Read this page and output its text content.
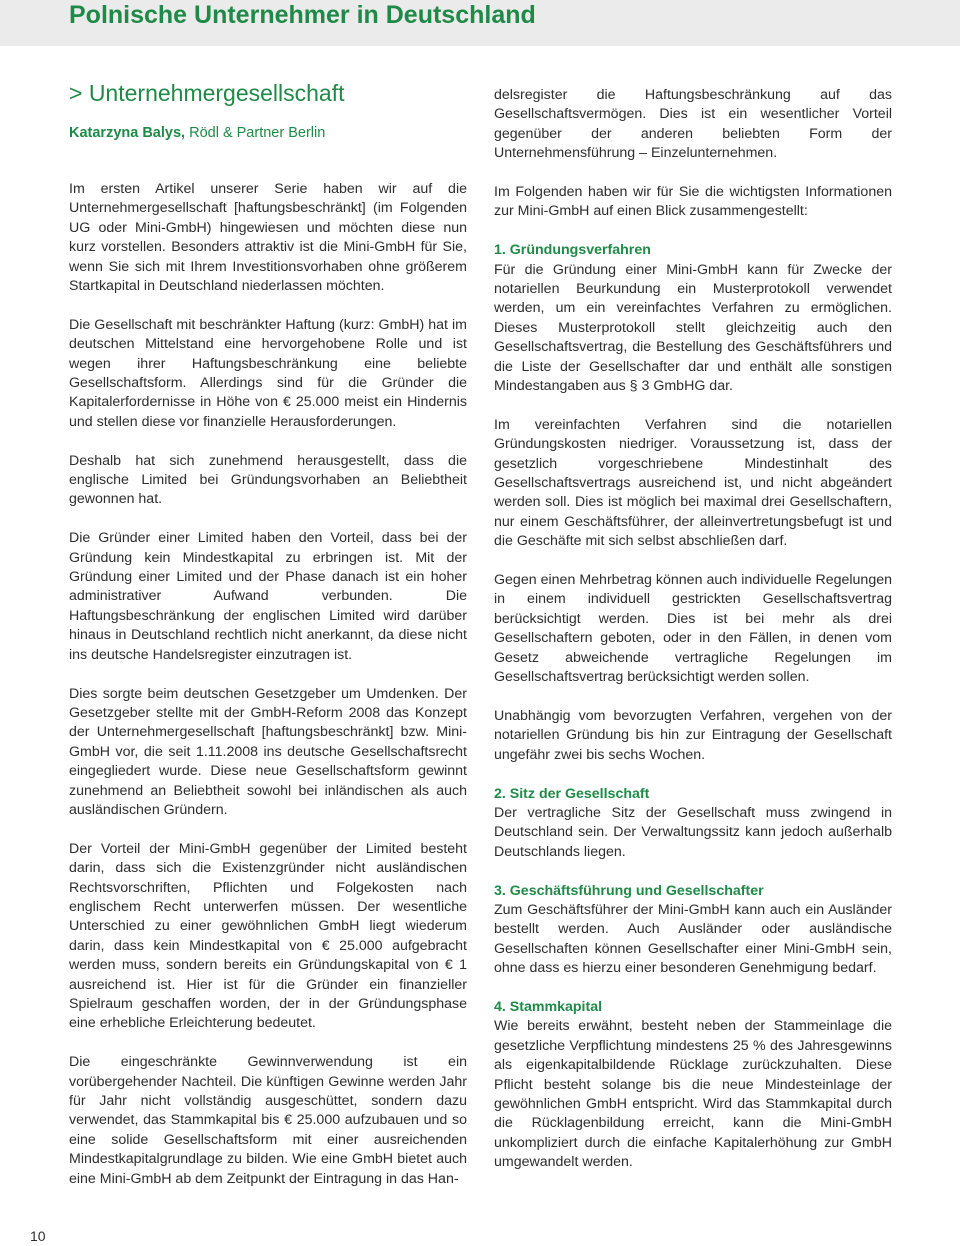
Polnische Unternehmer in Deutschland
> Unternehmergesellschaft

Katarzyna Balys, Rödl & Partner Berlin

Im ersten Artikel unserer Serie haben wir auf die Unternehmergesellschaft [haftungsbeschränkt] (im Folgenden UG oder Mini-GmbH) hingewiesen und möchten diese nun kurz vorstellen. Besonders attraktiv ist die Mini-GmbH für Sie, wenn Sie sich mit Ihrem Investitionsvorhaben ohne größerem Startkapital in Deutschland niederlassen möchten.

Die Gesellschaft mit beschränkter Haftung (kurz: GmbH) hat im deutschen Mittelstand eine hervorgehobene Rolle und ist wegen ihrer Haftungsbeschränkung eine beliebte Gesellschaftsform. Allerdings sind für die Gründer die Kapitalerfordernisse in Höhe von € 25.000 meist ein Hindernis und stellen diese vor finanzielle Herausforderungen.

Deshalb hat sich zunehmend herausgestellt, dass die englische Limited bei Gründungsvorhaben an Beliebtheit gewonnen hat.

Die Gründer einer Limited haben den Vorteil, dass bei der Gründung kein Mindestkapital zu erbringen ist. Mit der Gründung einer Limited und der Phase danach ist ein hoher administrativer Aufwand verbunden. Die Haftungsbeschränkung der englischen Limited wird darüber hinaus in Deutschland rechtlich nicht anerkannt, da diese nicht ins deutsche Handelsregister einzutragen ist.

Dies sorgte beim deutschen Gesetzgeber um Umdenken. Der Gesetzgeber stellte mit der GmbH-Reform 2008 das Konzept der Unternehmergesellschaft [haftungsbeschränkt] bzw. Mini-GmbH vor, die seit 1.11.2008 ins deutsche Gesellschaftsrecht eingegliedert wurde. Diese neue Gesellschaftsform gewinnt zunehmend an Beliebtheit sowohl bei inländischen als auch ausländischen Gründern.

Der Vorteil der Mini-GmbH gegenüber der Limited besteht darin, dass sich die Existenzgründer nicht ausländischen Rechtsvorschriften, Pflichten und Folgekosten nach englischem Recht unterwerfen müssen. Der wesentliche Unterschied zu einer gewöhnlichen GmbH liegt wiederum darin, dass kein Mindestkapital von € 25.000 aufgebracht werden muss, sondern bereits ein Gründungskapital von € 1 ausreichend ist. Hier ist für die Gründer ein finanzieller Spielraum geschaffen worden, der in der Gründungsphase eine erhebliche Erleichterung bedeutet.

Die eingeschränkte Gewinnverwendung ist ein vorübergehender Nachteil. Die künftigen Gewinne werden Jahr für Jahr nicht vollständig ausgeschüttet, sondern dazu verwendet, das Stammkapital bis € 25.000 aufzubauen und so eine solide Gesellschaftsform mit einer ausreichenden Mindestkapitalgrundlage zu bilden. Wie eine GmbH bietet auch eine Mini-GmbH ab dem Zeitpunkt der Eintragung in das Han-

delsregister die Haftungsbeschränkung auf das Gesellschaftsvermögen. Dies ist ein wesentlicher Vorteil gegenüber der anderen beliebten Form der Unternehmensführung – Einzelunternehmen.

Im Folgenden haben wir für Sie die wichtigsten Informationen zur Mini-GmbH auf einen Blick zusammengestellt:

1. Gründungsverfahren

Für die Gründung einer Mini-GmbH kann für Zwecke der notariellen Beurkundung ein Musterprotokoll verwendet werden, um ein vereinfachtes Verfahren zu ermöglichen. Dieses Musterprotokoll stellt gleichzeitig auch den Gesellschaftsvertrag, die Bestellung des Geschäftsführers und die Liste der Gesellschafter dar und enthält alle sonstigen Mindestangaben aus § 3 GmbHG dar.

Im vereinfachten Verfahren sind die notariellen Gründungskosten niedriger. Voraussetzung ist, dass der gesetzlich vorgeschriebene Mindestinhalt des Gesellschaftsvertrags ausreichend ist, und nicht abgeändert werden soll. Dies ist möglich bei maximal drei Gesellschaftern, nur einem Geschäftsführer, der alleinvertretungsbefugt ist und die Geschäfte mit sich selbst abschließen darf.

Gegen einen Mehrbetrag können auch individuelle Regelungen in einem individuell gestrickten Gesellschaftsvertrag berücksichtigt werden. Dies ist bei mehr als drei Gesellschaftern geboten, oder in den Fällen, in denen vom Gesetz abweichende vertragliche Regelungen im Gesellschaftsvertrag berücksichtigt werden sollen.

Unabhängig vom bevorzugten Verfahren, vergehen von der notariellen Gründung bis hin zur Eintragung der Gesellschaft ungefähr zwei bis sechs Wochen.

2. Sitz der Gesellschaft

Der vertragliche Sitz der Gesellschaft muss zwingend in Deutschland sein. Der Verwaltungssitz kann jedoch außerhalb Deutschlands liegen.

3. Geschäftsführung und Gesellschafter

Zum Geschäftsführer der Mini-GmbH kann auch ein Ausländer bestellt werden. Auch Ausländer oder ausländische Gesellschaften können Gesellschafter einer Mini-GmbH sein, ohne dass es hierzu einer besonderen Genehmigung bedarf.

4. Stammkapital

Wie bereits erwähnt, besteht neben der Stammeinlage die gesetzliche Verpflichtung mindestens 25 % des Jahresgewinns als eigenkapitalbildende Rücklage zurückzuhalten. Diese Pflicht besteht solange bis die neue Mindesteinlage der gewöhnlichen GmbH entspricht. Wird das Stammkapital durch die Rücklagenbildung erreicht, kann die Mini-GmbH unkompliziert durch die einfache Kapitalerhöhung zur GmbH umgewandelt werden.

10
